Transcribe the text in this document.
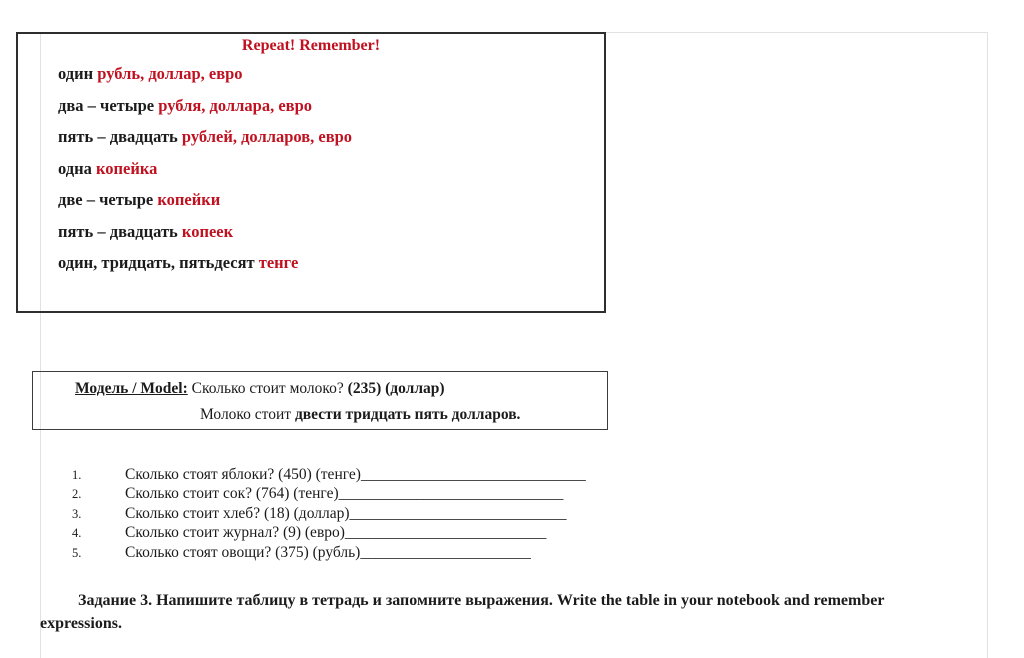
Repeat! Remember!
один рубль, доллар, евро
два – четыре рубля, доллара, евро
пять – двадцать рублей, долларов, евро
одна копейка
две – четыре копейки
пять – двадцать копеек
один, тридцать, пятьдесят тенге
Модель / Model: Сколько стоит молоко? (235) (доллар)
Молоко стоит двести тридцать пять долларов.
1.	Сколько стоят яблоки? (450) (тенге)_____________________________
2.	Сколько стоит сок? (764) (тенге)_____________________________
3.	Сколько стоит хлеб? (18) (доллар)____________________________
4.	Сколько стоит журнал? (9) (евро)__________________________
5.	Сколько стоят овощи? (375) (рубль)______________________
Задание 3. Напишите таблицу в тетрадь и запомните выражения. Write the table in your notebook and remember
expressions.
